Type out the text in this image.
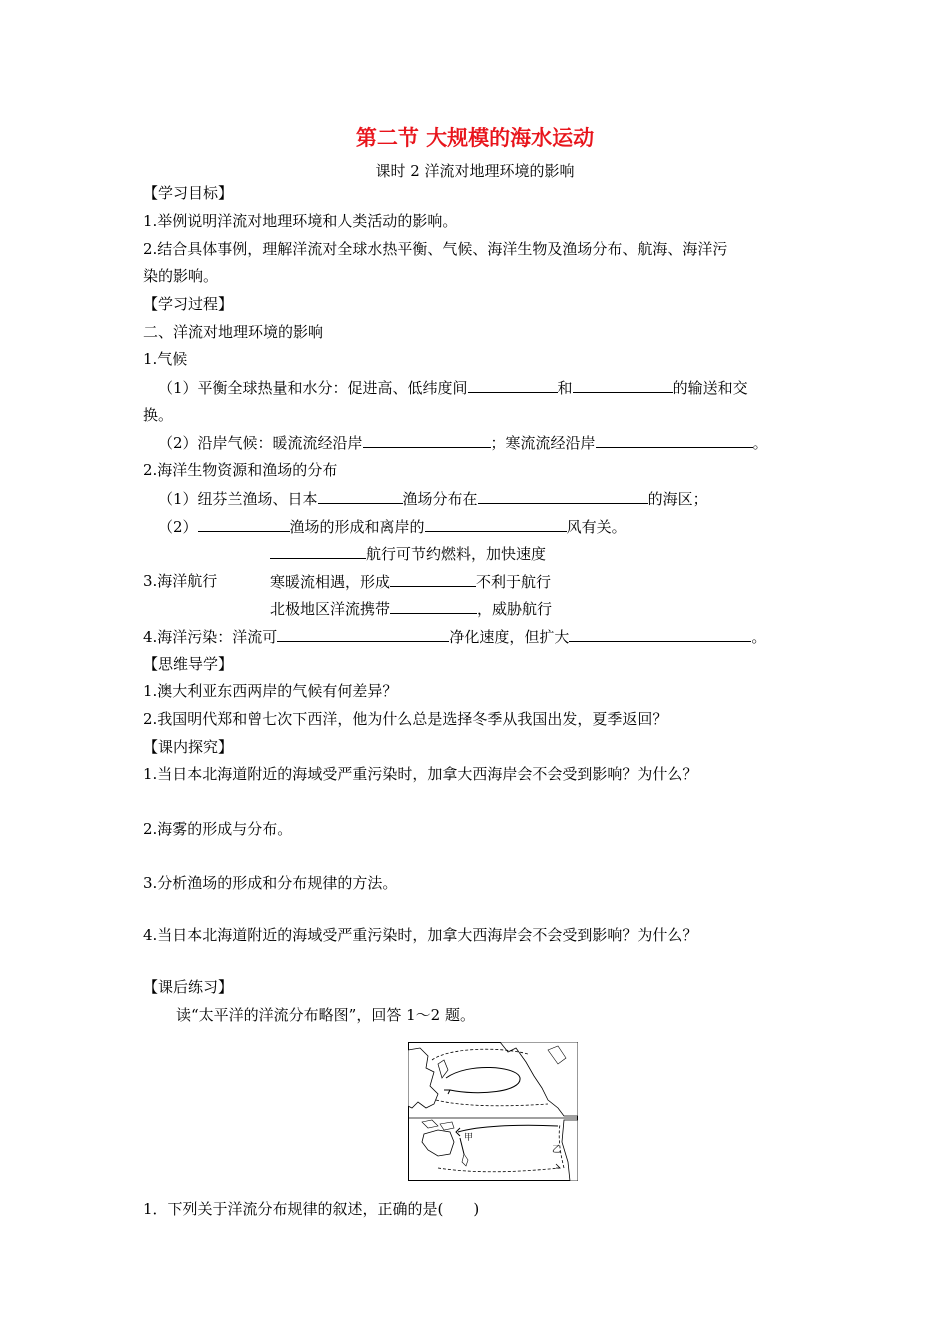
第二节 大规模的海水运动
课时 2 洋流对地理环境的影响
【学习目标】
1.举例说明洋流对地理环境和人类活动的影响。
2.结合具体事例，理解洋流对全球水热平衡、气候、海洋生物及渔场分布、航海、海洋污
染的影响。
【学习过程】
二、洋流对地理环境的影响
1.气候
（1）平衡全球热量和水分：促进高、低纬度间	和	的输送和交
换。
（2）沿岸气候：暖流流经沿岸	；寒流流经沿岸	。
2.海洋生物资源和渔场的分布
（1）纽芬兰渔场、日本	渔场分布在	的海区；
（2）	渔场的形成和离岸的	风有关。
航行可节约燃料，加快速度
3.海洋航行	寒暖流相遇，形成	不利于航行
北极地区洋流携带	，威胁航行
4.海洋污染：洋流可	净化速度，但扩大	。
【思维导学】
1.澳大利亚东西两岸的气候有何差异？
2.我国明代郑和曾七次下西洋，他为什么总是选择冬季从我国出发，夏季返回？
【课内探究】
1.当日本北海道附近的海域受严重污染时，加拿大西海岸会不会受到影响？为什么？
2.海雾的形成与分布。
3.分析渔场的形成和分布规律的方法。
4.当日本北海道附近的海域受严重污染时，加拿大西海岸会不会受到影响？为什么？
【课后练习】
读“太平洋的洋流分布略图”，回答 1～2 题。
甲
乙
1．下列关于洋流分布规律的叙述，正确的是(　　)
